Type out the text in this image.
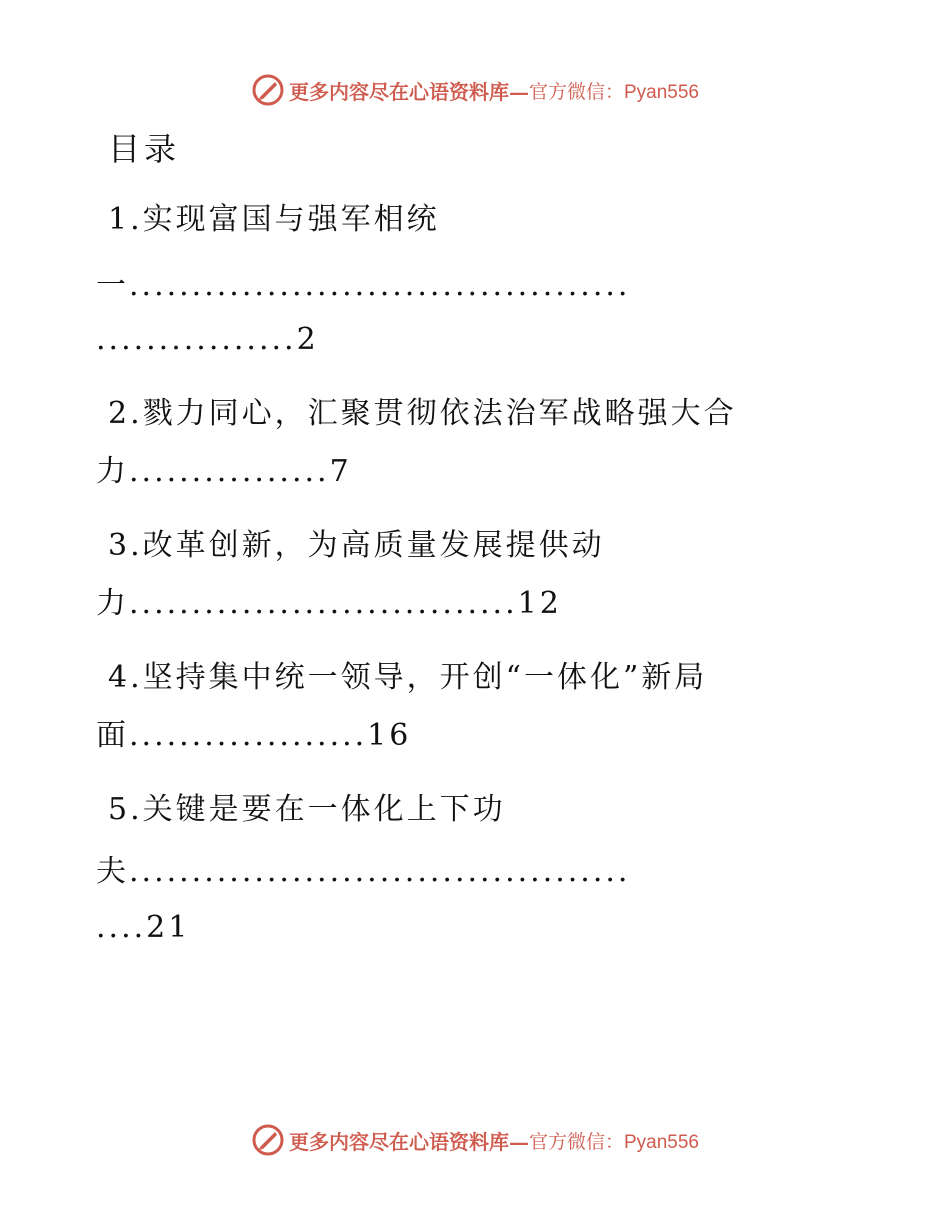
更多内容尽在心语资料库— 官方微信：Pyan556
目录
1.实现富国与强军相统
一........................................
................2
2.戮力同心，汇聚贯彻依法治军战略强大合
力................7
3.改革创新，为高质量发展提供动
力...............................12
4.坚持集中统一领导，开创“一体化”新局
面...................16
5.关键是要在一体化上下功
夫........................................
....21
更多内容尽在心语资料库— 官方微信：Pyan556
